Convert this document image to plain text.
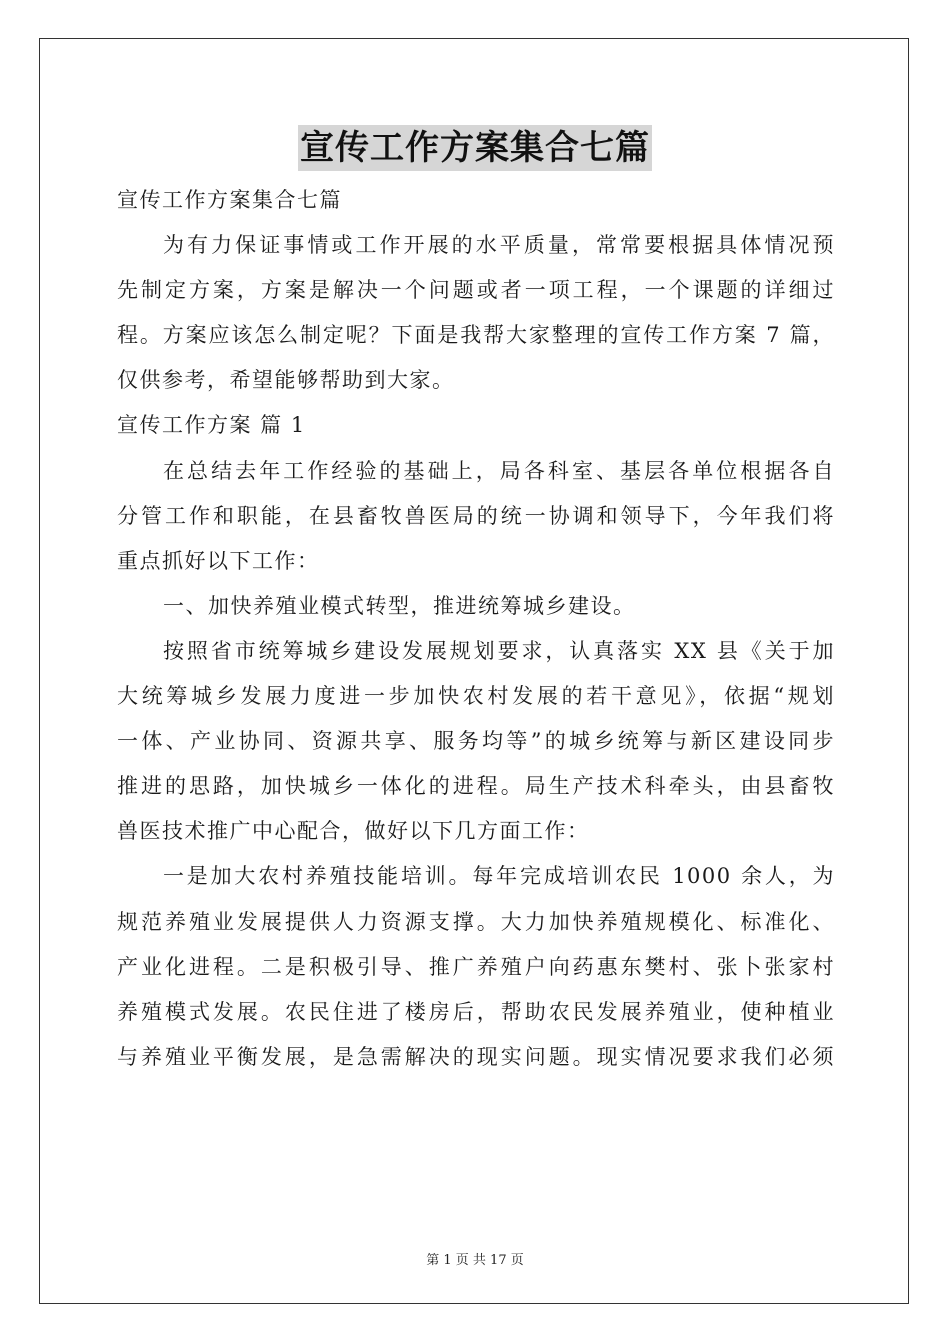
宣传工作方案集合七篇
宣传工作方案集合七篇
为有力保证事情或工作开展的水平质量，常常要根据具体情况预
先制定方案，方案是解决一个问题或者一项工程，一个课题的详细过
程。方案应该怎么制定呢？下面是我帮大家整理的宣传工作方案 7 篇，
仅供参考，希望能够帮助到大家。
宣传工作方案 篇 1
在总结去年工作经验的基础上，局各科室、基层各单位根据各自
分管工作和职能，在县畜牧兽医局的统一协调和领导下，今年我们将
重点抓好以下工作：
一、加快养殖业模式转型，推进统筹城乡建设。
按照省市统筹城乡建设发展规划要求，认真落实 XX 县《关于加
大统筹城乡发展力度进一步加快农村发展的若干意见》，依据“规划
一体、产业协同、资源共享、服务均等”的城乡统筹与新区建设同步
推进的思路，加快城乡一体化的进程。局生产技术科牵头，由县畜牧
兽医技术推广中心配合，做好以下几方面工作：
一是加大农村养殖技能培训。每年完成培训农民 1000 余人，为
规范养殖业发展提供人力资源支撑。大力加快养殖规模化、标准化、
产业化进程。二是积极引导、推广养殖户向药惠东樊村、张卜张家村
养殖模式发展。农民住进了楼房后，帮助农民发展养殖业，使种植业
与养殖业平衡发展，是急需解决的现实问题。现实情况要求我们必须
第 1 页 共 17 页
